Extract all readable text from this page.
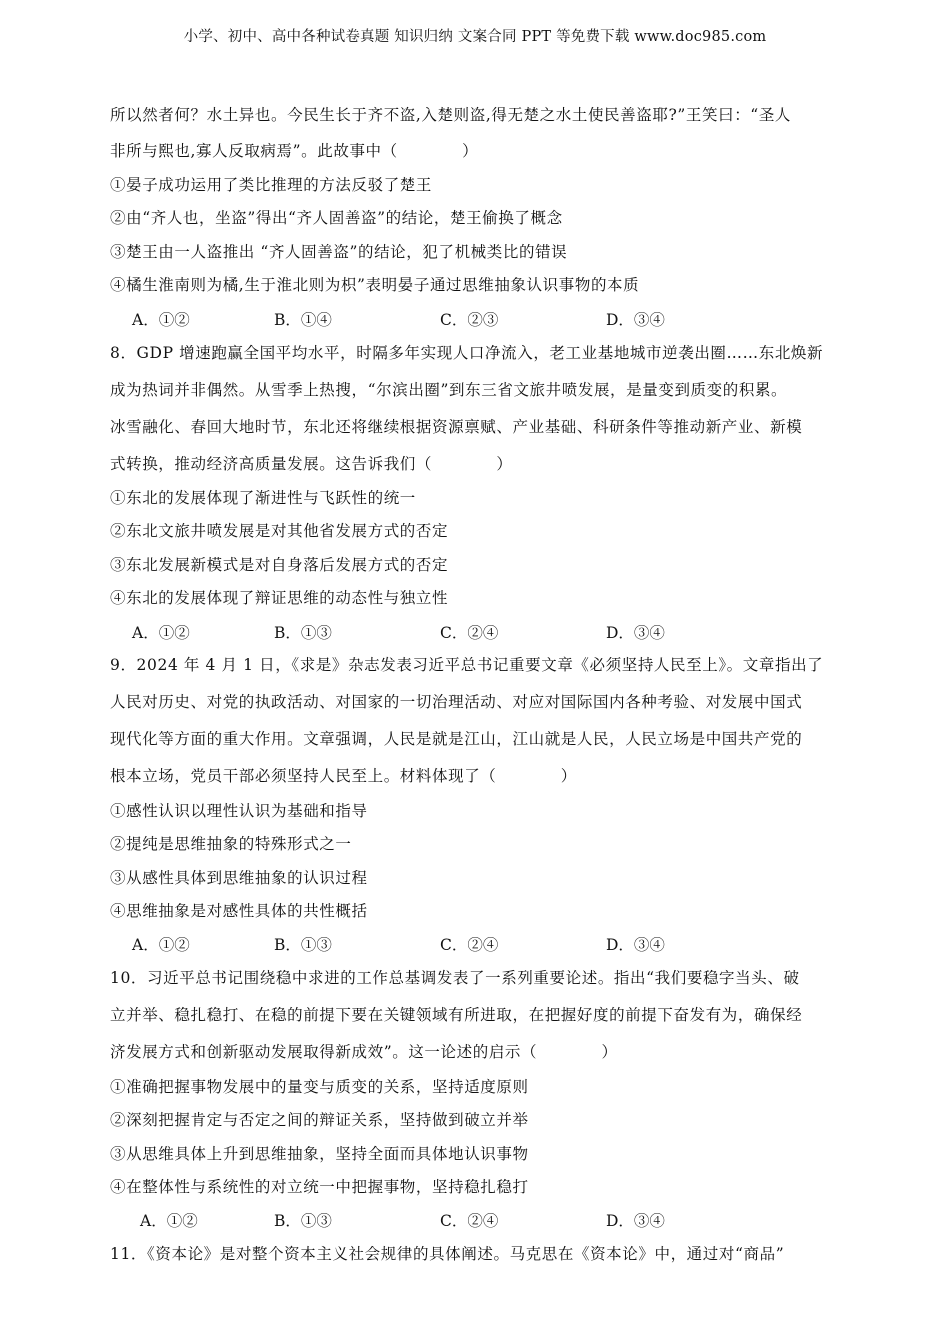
小学、初中、高中各种试卷真题 知识归纳 文案合同 PPT 等免费下载 www.doc985.com
所以然者何？水土异也。今民生长于齐不盗,入楚则盗,得无楚之水土使民善盗耶?”王笑曰：“圣人
非所与熙也,寡人反取病焉”。此故事中（　　　　）
①晏子成功运用了类比推理的方法反驳了楚王
②由“齐人也，坐盗”得出“齐人固善盗”的结论，楚王偷换了概念
③楚王由一人盗推出 “齐人固善盗”的结论，犯了机械类比的错误
④橘生淮南则为橘,生于淮北则为枳”表明晏子通过思维抽象认识事物的本质
A．①②	B．①④	C．②③	D．③④
8．GDP 增速跑赢全国平均水平，时隔多年实现人口净流入，老工业基地城市逆袭出圈……东北焕新
成为热词并非偶然。从雪季上热搜，“尔滨出圈”到东三省文旅井喷发展，是量变到质变的积累。
冰雪融化、春回大地时节，东北还将继续根据资源禀赋、产业基础、科研条件等推动新产业、新模
式转换，推动经济高质量发展。这告诉我们（　　　　）
①东北的发展体现了渐进性与飞跃性的统一
②东北文旅井喷发展是对其他省发展方式的否定
③东北发展新模式是对自身落后发展方式的否定
④东北的发展体现了辩证思维的动态性与独立性
A．①②	B．①③	C．②④	D．③④
9．2024 年 4 月 1 日，《求是》杂志发表习近平总书记重要文章《必须坚持人民至上》。文章指出了
人民对历史、对党的执政活动、对国家的一切治理活动、对应对国际国内各种考验、对发展中国式
现代化等方面的重大作用。文章强调，人民是就是江山，江山就是人民，人民立场是中国共产党的
根本立场，党员干部必须坚持人民至上。材料体现了（　　　　）
①感性认识以理性认识为基础和指导
②提纯是思维抽象的特殊形式之一
③从感性具体到思维抽象的认识过程
④思维抽象是对感性具体的共性概括
A．①②	B．①③	C．②④	D．③④
10．习近平总书记围绕稳中求进的工作总基调发表了一系列重要论述。指出“我们要稳字当头、破
立并举、稳扎稳打、在稳的前提下要在关键领域有所进取，在把握好度的前提下奋发有为，确保经
济发展方式和创新驱动发展取得新成效”。这一论述的启示（　　　　）
①准确把握事物发展中的量变与质变的关系，坚持适度原则
②深刻把握肯定与否定之间的辩证关系，坚持做到破立并举
③从思维具体上升到思维抽象，坚持全面而具体地认识事物
④在整体性与系统性的对立统一中把握事物，坚持稳扎稳打
A．①②	B．①③	C．②④	D．③④
11．《资本论》是对整个资本主义社会规律的具体阐述。马克思在《资本论》中，通过对“商品”
